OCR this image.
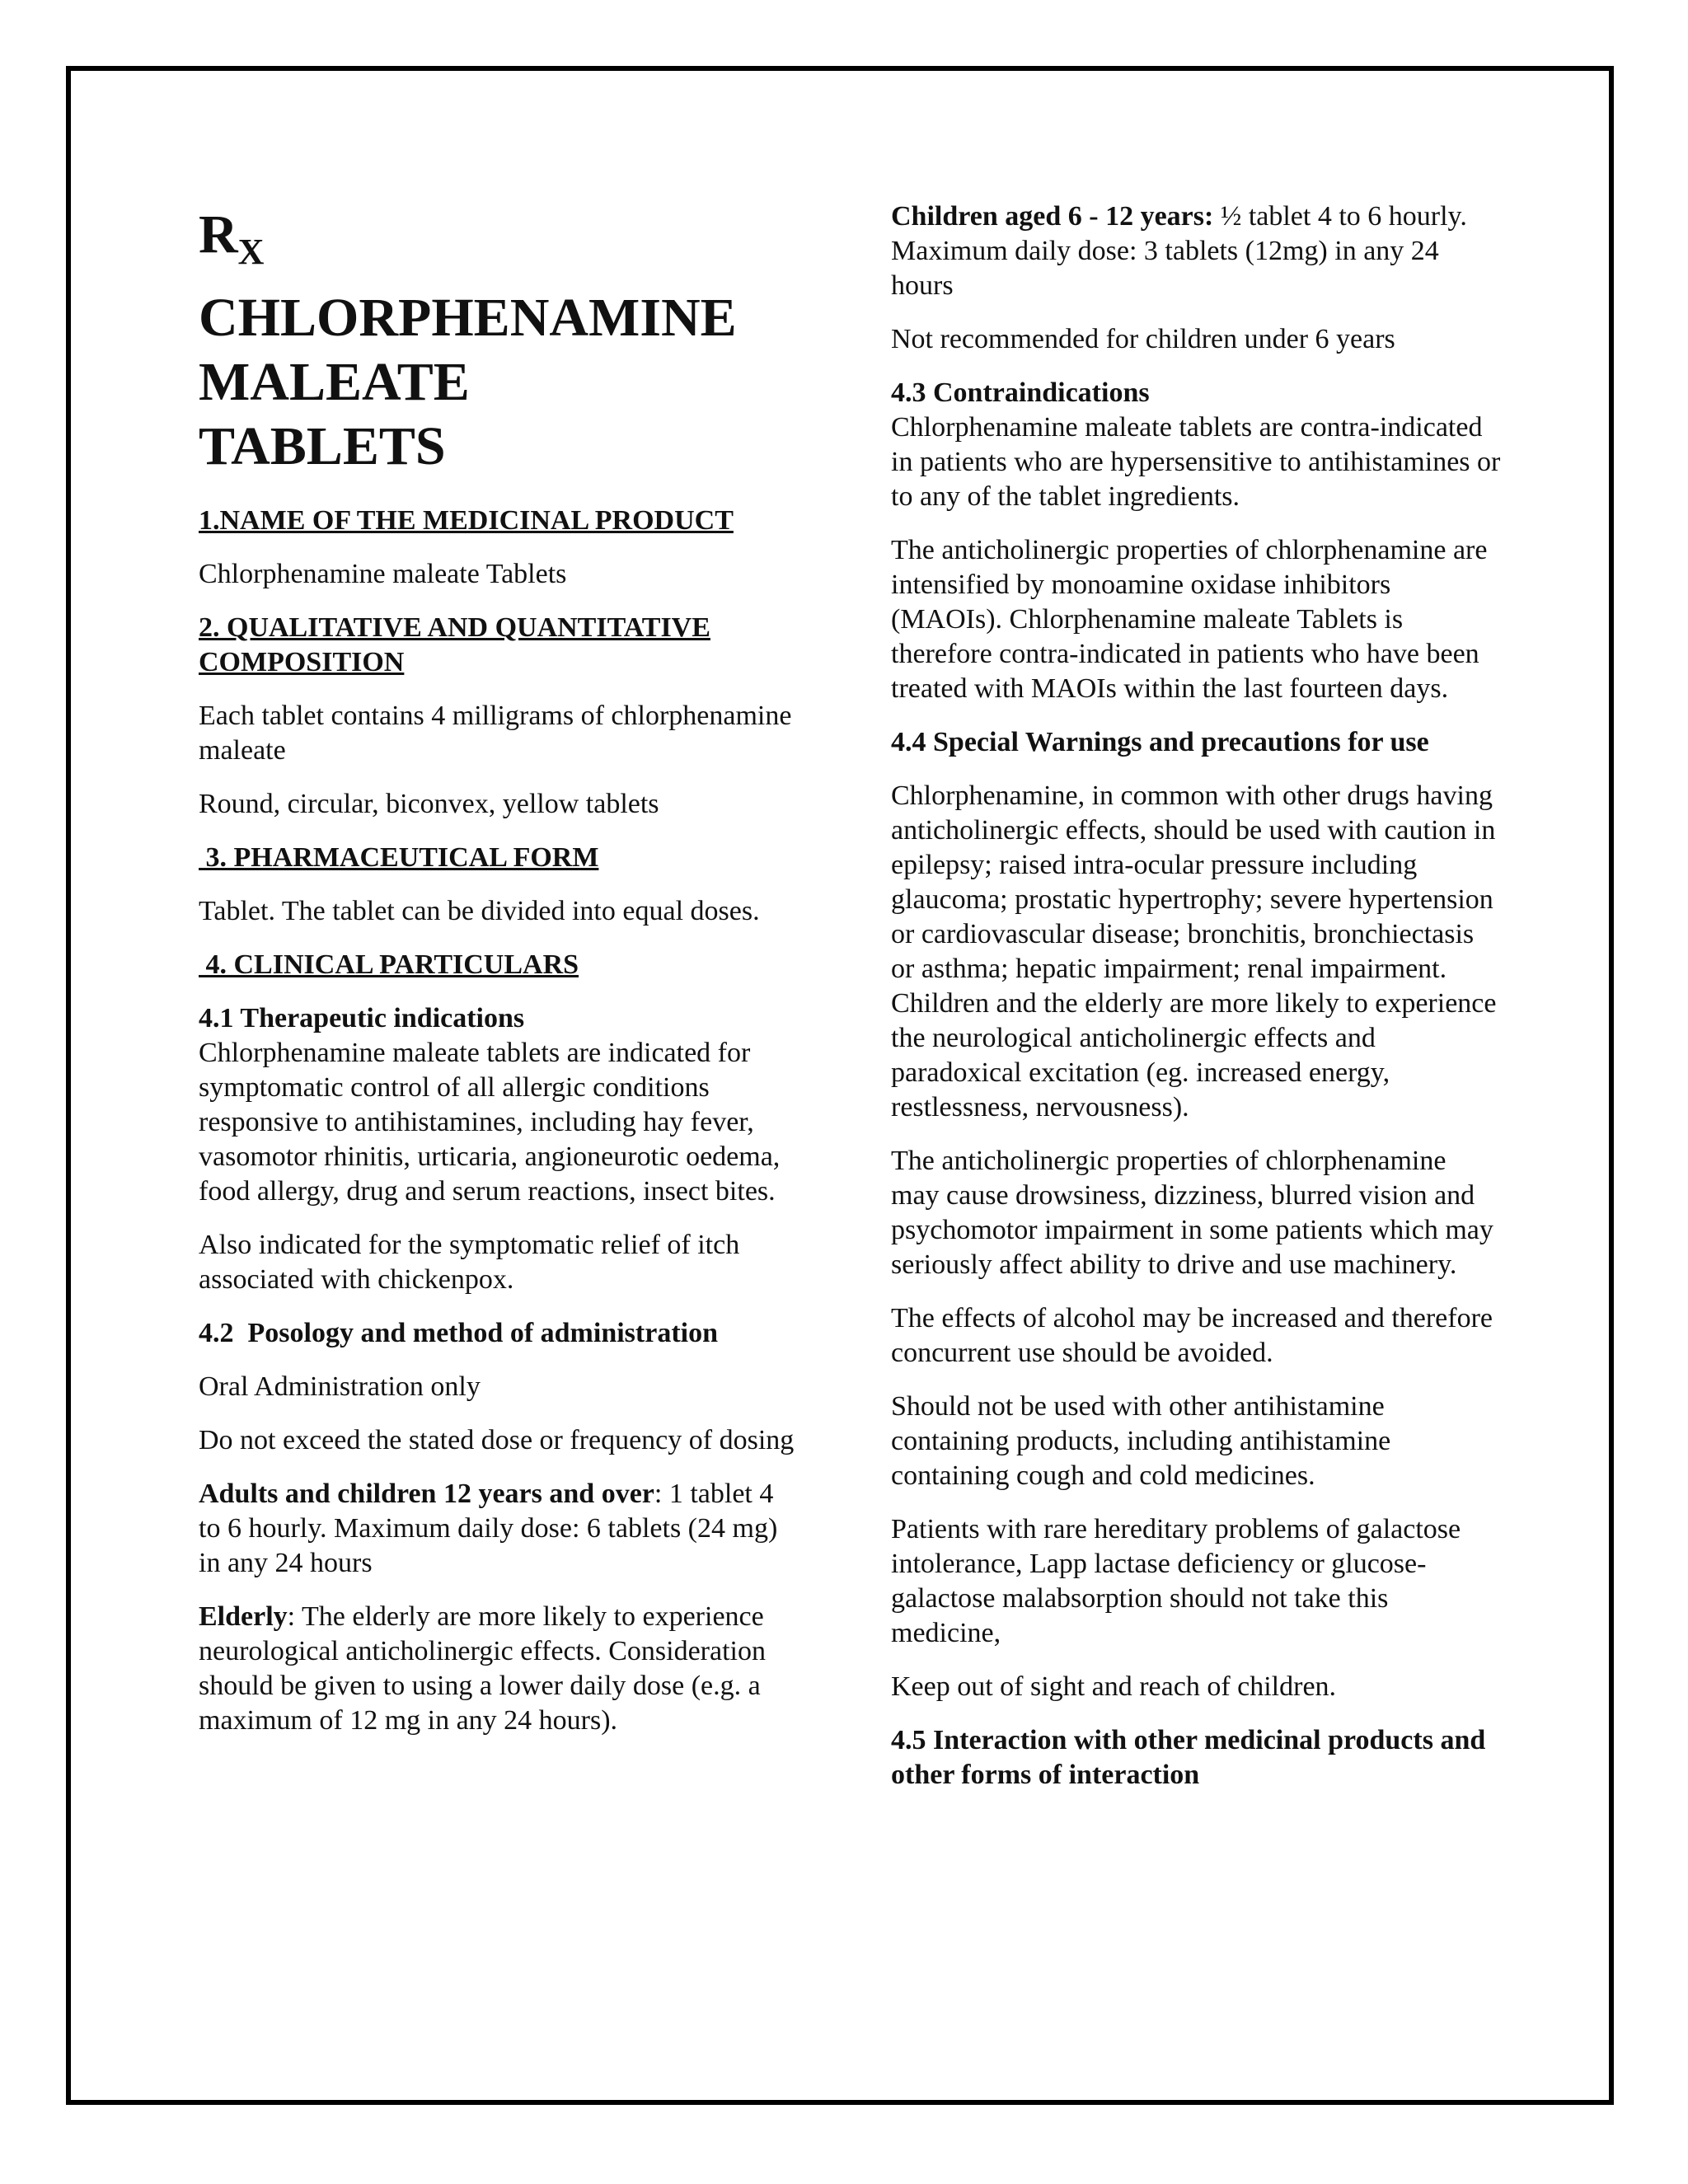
$R_X$
CHLORPHENAMINE
MALEATE
TABLETS

1.NAME OF THE MEDICINAL PRODUCT

Chlorphenamine maleate Tablets

2. QUALITATIVE AND QUANTITATIVE
COMPOSITION

Each tablet contains 4 milligrams of chlorphenamine maleate

Round, circular, biconvex, yellow tablets

3. PHARMACEUTICAL FORM

Tablet. The tablet can be divided into equal doses.

4. CLINICAL PARTICULARS

4.1 Therapeutic indications

Chlorphenamine maleate tablets are indicated for symptomatic control of all allergic conditions responsive to antihistamines, including hay fever, vasomotor rhinitis, urticaria, angioneurotic oedema, food allergy, drug and serum reactions, insect bites.

Also indicated for the symptomatic relief of itch associated with chickenpox.

4.2  Posology and method of administration

Oral Administration only

Do not exceed the stated dose or frequency of dosing

Adults and children 12 years and over: 1 tablet 4 to 6 hourly. Maximum daily dose: 6 tablets (24 mg) in any 24 hours

Elderly: The elderly are more likely to experience neurological anticholinergic effects. Consideration should be given to using a lower daily dose (e.g. a maximum of 12 mg in any 24 hours).

Children aged 6 - 12 years: ½ tablet 4 to 6 hourly. Maximum daily dose: 3 tablets (12mg) in any 24 hours

Not recommended for children under 6 years

4.3 Contraindications

Chlorphenamine maleate tablets are contra-indicated in patients who are hypersensitive to antihistamines or to any of the tablet ingredients.

The anticholinergic properties of chlorphenamine are intensified by monoamine oxidase inhibitors (MAOIs). Chlorphenamine maleate Tablets is therefore contra-indicated in patients who have been treated with MAOIs within the last fourteen days.

4.4 Special Warnings and precautions for use

Chlorphenamine, in common with other drugs having anticholinergic effects, should be used with caution in epilepsy; raised intra-ocular pressure including glaucoma; prostatic hypertrophy; severe hypertension or cardiovascular disease; bronchitis, bronchiectasis or asthma; hepatic impairment; renal impairment. Children and the elderly are more likely to experience the neurological anticholinergic effects and paradoxical excitation (eg. increased energy, restlessness, nervousness).

The anticholinergic properties of chlorphenamine may cause drowsiness, dizziness, blurred vision and psychomotor impairment in some patients which may seriously affect ability to drive and use machinery.

The effects of alcohol may be increased and therefore concurrent use should be avoided.

Should not be used with other antihistamine containing products, including antihistamine containing cough and cold medicines.

Patients with rare hereditary problems of galactose intolerance, Lapp lactase deficiency or glucose-galactose malabsorption should not take this medicine,

Keep out of sight and reach of children.

4.5 Interaction with other medicinal products and other forms of interaction
